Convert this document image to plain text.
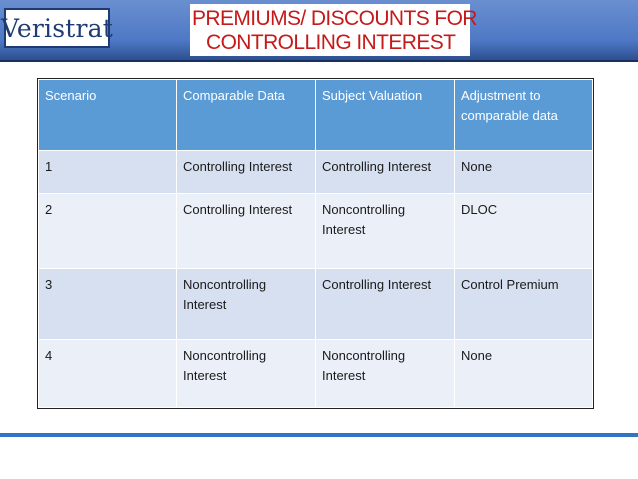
Veristrat	PREMIUMS/ DISCOUNTS FOR
CONTROLLING INTEREST
Scenario	Comparable Data	Subject Valuation	Adjustment to comparable data
1	Controlling Interest	Controlling Interest	None
2	Controlling Interest	Noncontrolling Interest	DLOC
3	Noncontrolling Interest	Controlling Interest	Control Premium
4	Noncontrolling Interest	Noncontrolling Interest	None
